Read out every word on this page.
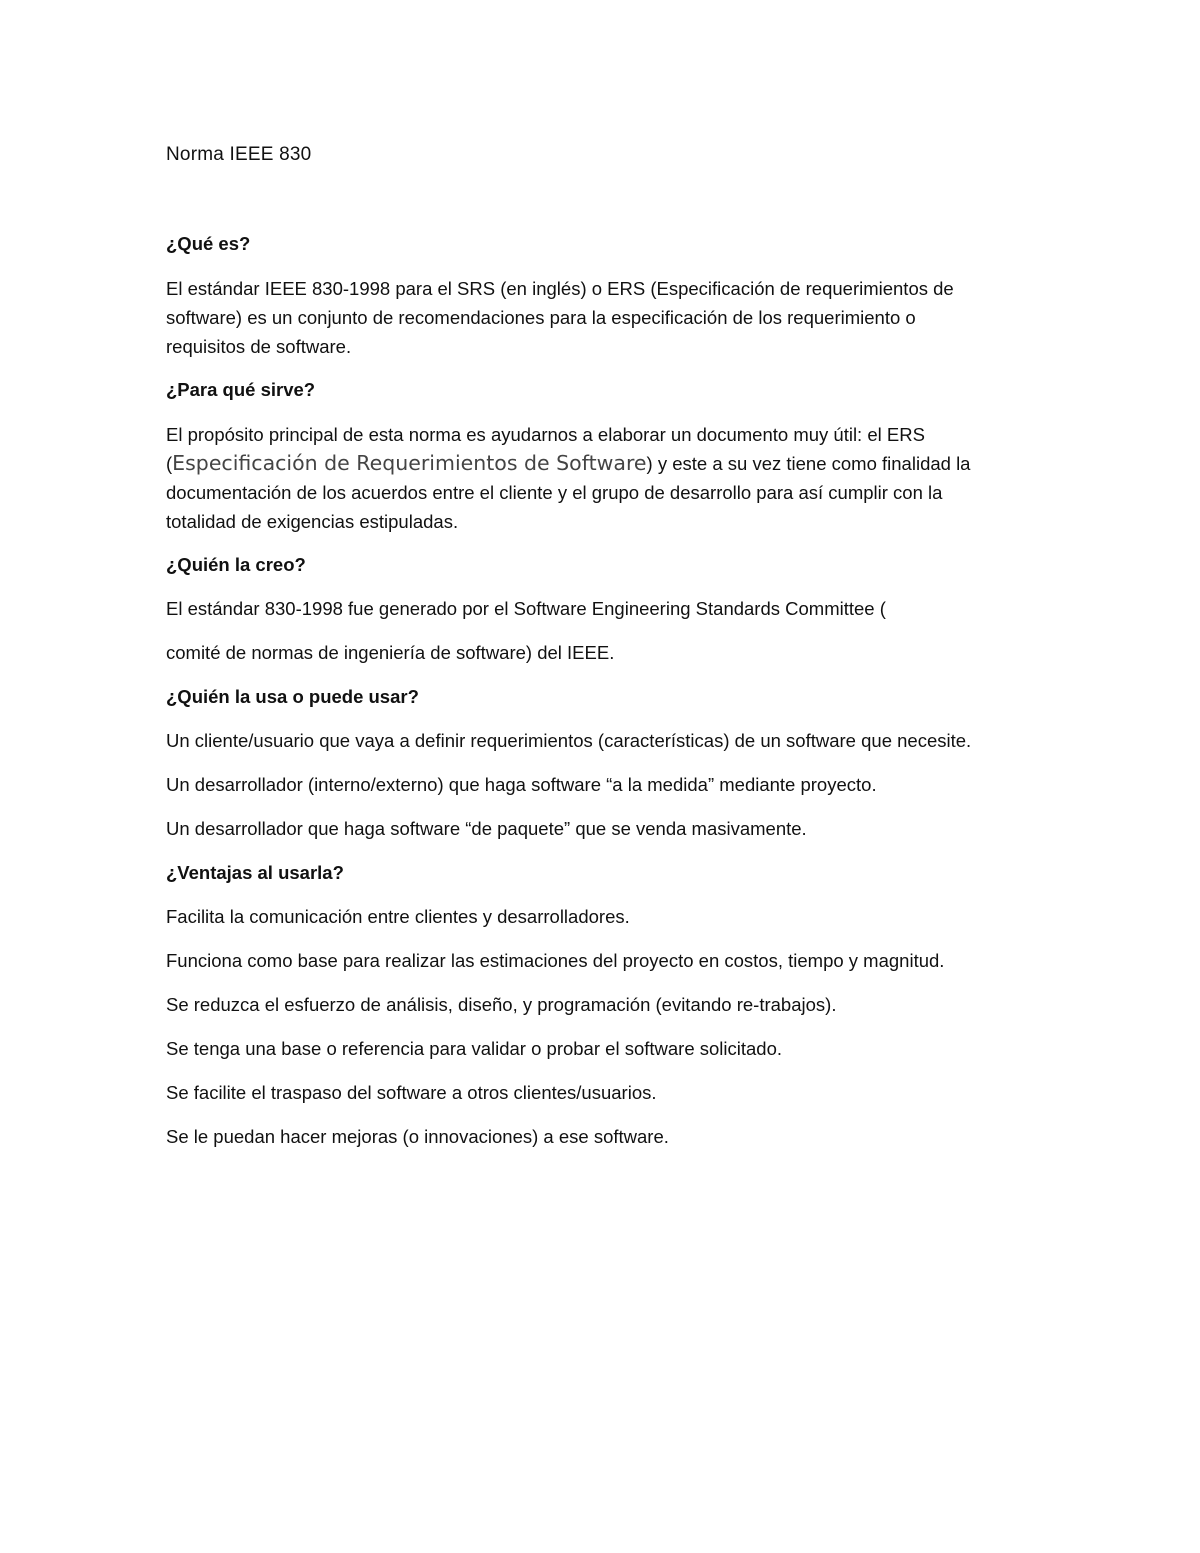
Norma IEEE 830
¿Qué es?
El estándar IEEE 830-1998 para el SRS (en inglés) o ERS (Especificación de requerimientos de
software) es un conjunto de recomendaciones para la especificación de los requerimiento o
requisitos de software.
¿Para qué sirve?
El propósito principal de esta norma es ayudarnos a elaborar un documento muy útil: el ERS
(Especificación de Requerimientos de Software) y este a su vez tiene como finalidad la
documentación de los acuerdos entre el cliente y el grupo de desarrollo para así cumplir con la
totalidad de exigencias estipuladas.
¿Quién la creo?
El estándar 830-1998 fue generado por el Software Engineering Standards Committee (
comité de normas de ingeniería de software) del IEEE.
¿Quién la usa o puede usar?
Un cliente/usuario que vaya a definir requerimientos (características) de un software que necesite.
Un desarrollador (interno/externo) que haga software “a la medida” mediante proyecto.
Un desarrollador que haga software “de paquete” que se venda masivamente.
¿Ventajas al usarla?
Facilita la comunicación entre clientes y desarrolladores.
Funciona como base para realizar las estimaciones del proyecto en costos, tiempo y magnitud.
Se reduzca el esfuerzo de análisis, diseño, y programación (evitando re-trabajos).
Se tenga una base o referencia para validar o probar el software solicitado.
Se facilite el traspaso del software a otros clientes/usuarios.
Se le puedan hacer mejoras (o innovaciones) a ese software.
